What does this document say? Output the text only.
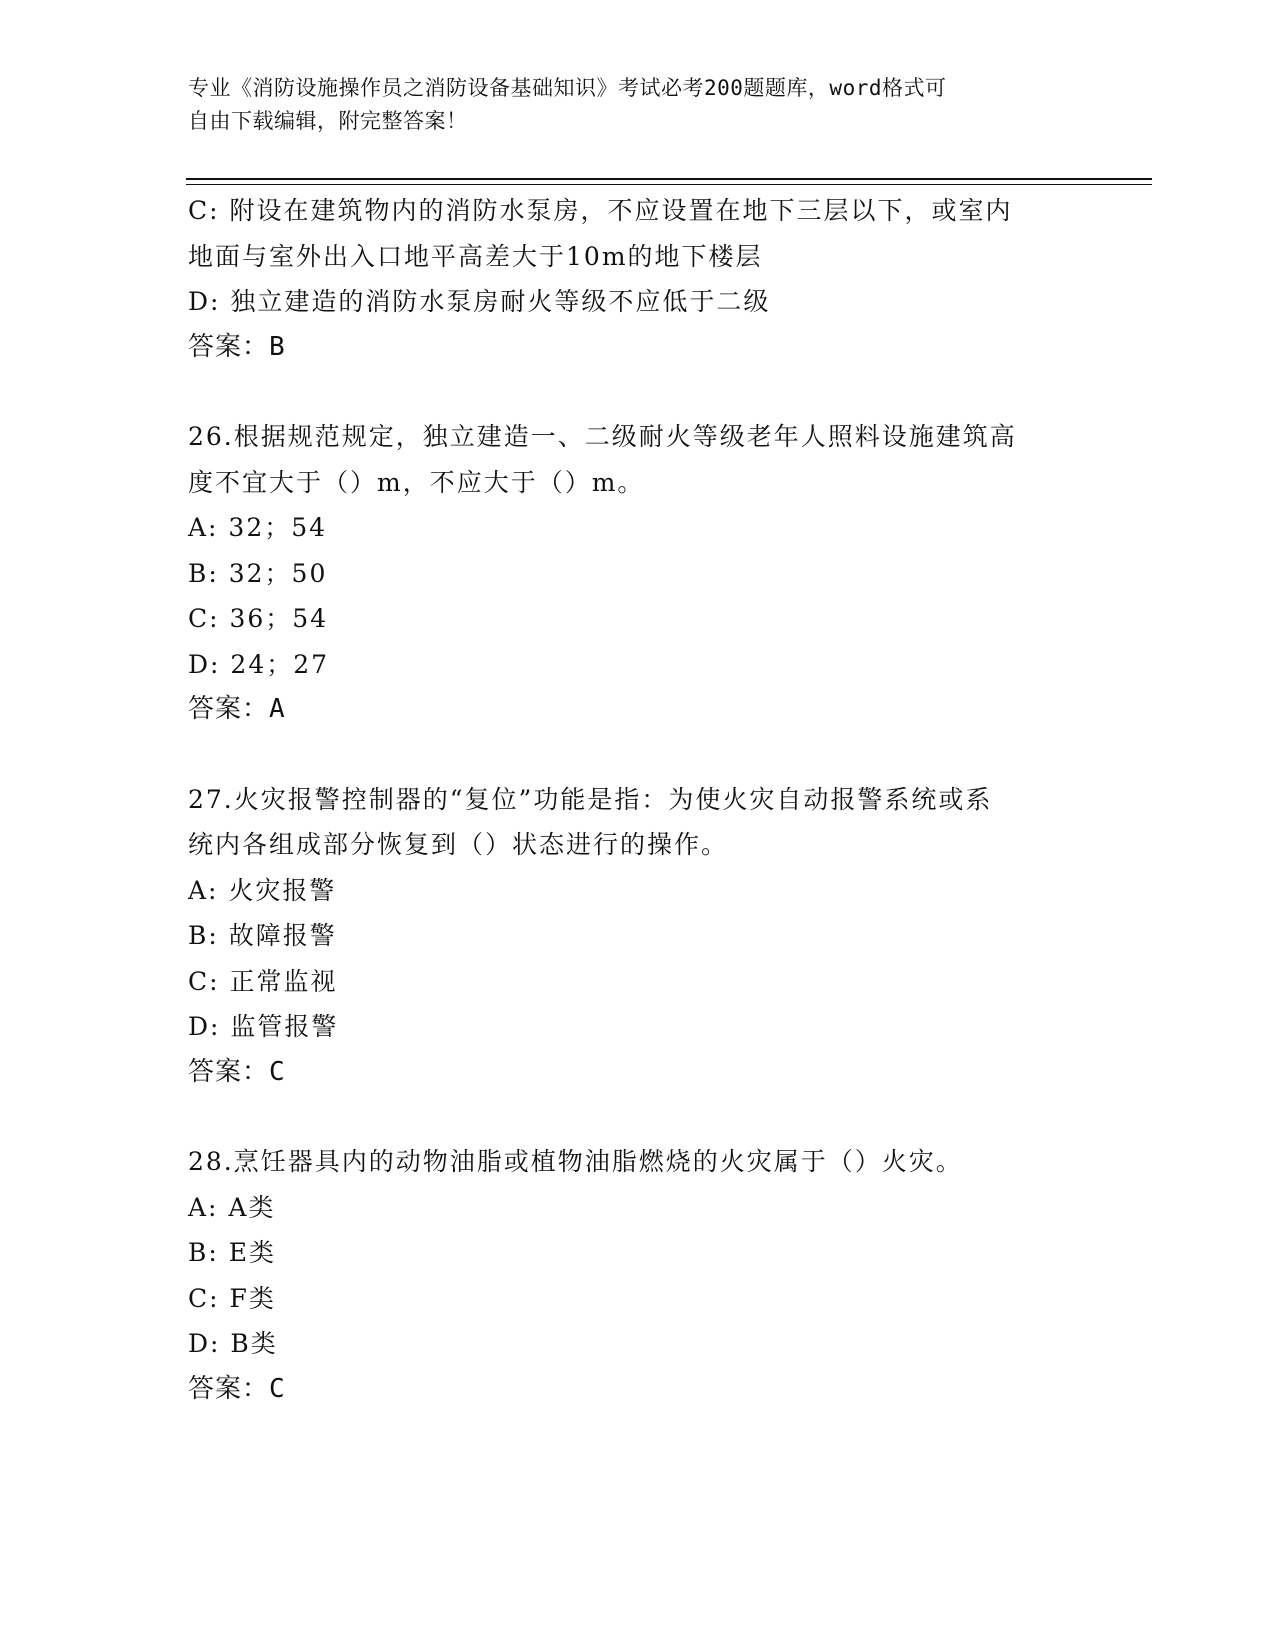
专业《消防设施操作员之消防设备基础知识》考试必考200题题库，word格式可
自由下载编辑，附完整答案！

C: 附设在建筑物内的消防水泵房，不应设置在地下三层以下，或室内

地面与室外出入口地平高差大于10m的地下楼层

D: 独立建造的消防水泵房耐火等级不应低于二级

答案：B

26.根据规范规定，独立建造一、二级耐火等级老年人照料设施建筑高

度不宜大于（）m，不应大于（）m。

A: 32；54

B: 32；50

C: 36；54

D: 24；27

答案：A

27.火灾报警控制器的“复位”功能是指：为使火灾自动报警系统或系

统内各组成部分恢复到（）状态进行的操作。

A: 火灾报警

B: 故障报警

C: 正常监视

D: 监管报警

答案：C

28.烹饪器具内的动物油脂或植物油脂燃烧的火灾属于（）火灾。

A: A类

B: E类

C: F类

D: B类

答案：C
